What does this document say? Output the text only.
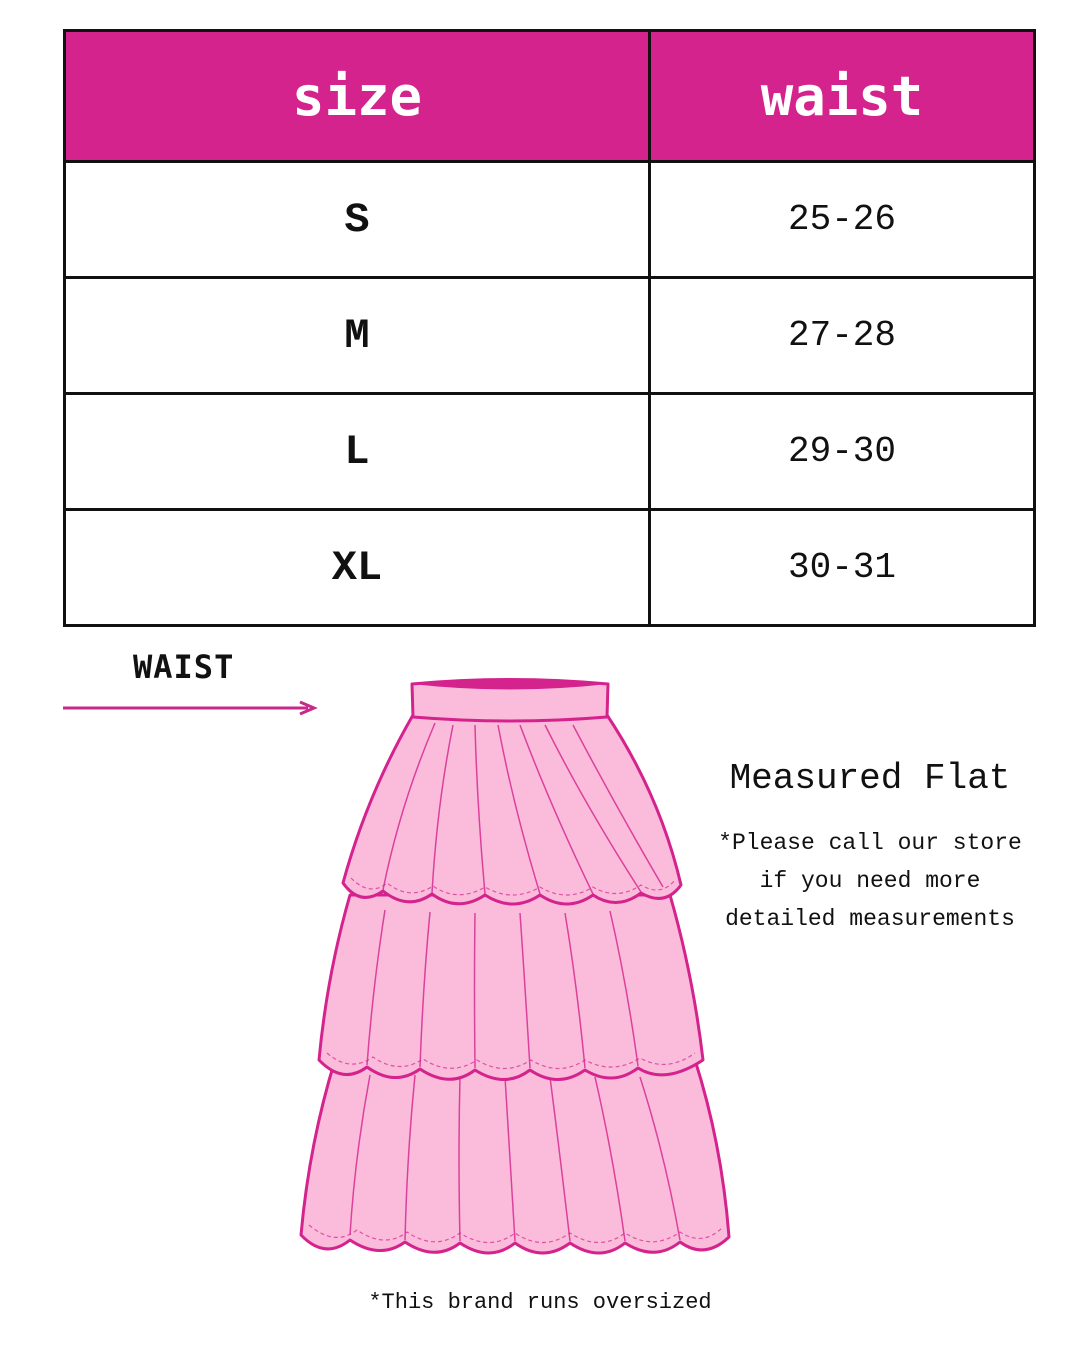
size	waist
S	25-26
M	27-28
L	29-30
XL	30-31
WAIST
Measured Flat
*Please call our store
if you need more
detailed measurements
*This brand runs oversized
